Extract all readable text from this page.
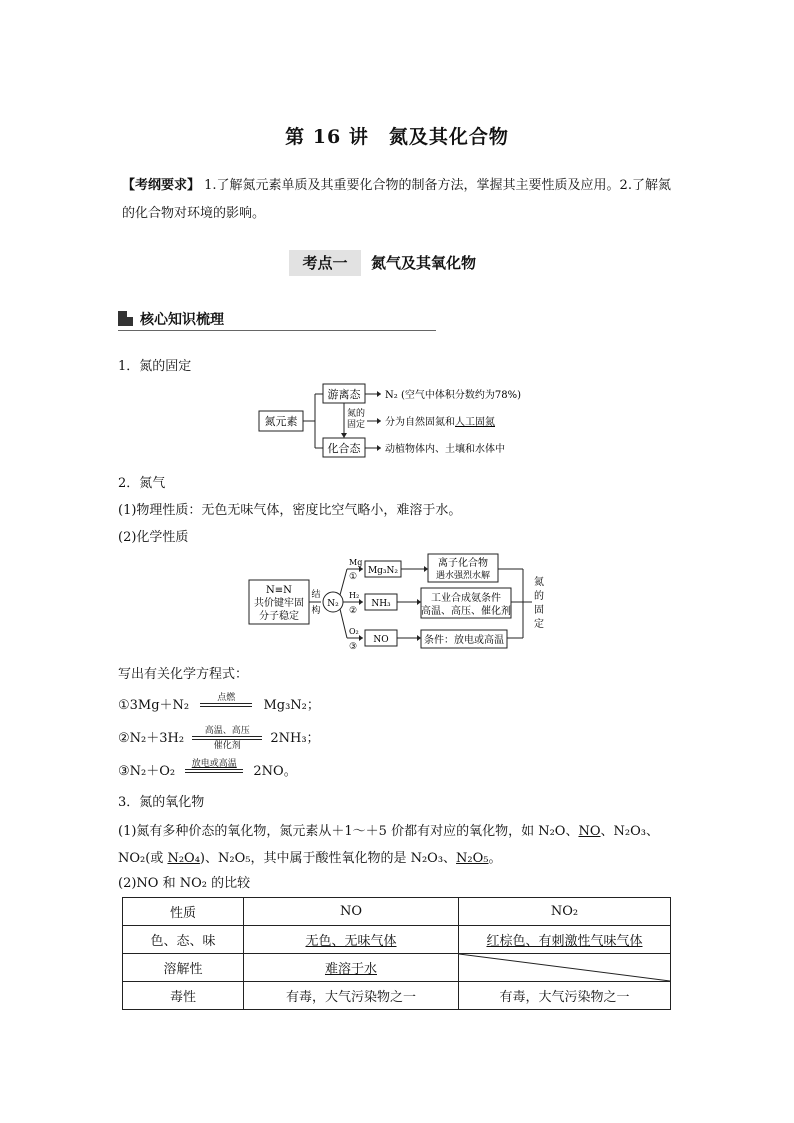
第 16 讲　氮及其化合物
【考纲要求】 1.了解氮元素单质及其重要化合物的制备方法，掌握其主要性质及应用。2.了解氮的化合物对环境的影响。
考点一	氮气及其氧化物
核心知识梳理
1．氮的固定
氮元素
游离态
化合态
氮的
固定
N₂ (空气中体积分数约为78%)
分为自然固氮和人工固氮
动植物体内、土壤和水体中
2．氮气
(1)物理性质：无色无味气体，密度比空气略小，难溶于水。
(2)化学性质
N≡N
共价键牢固
分子稳定
结
构
N₂
Mg
①
H₂
②
O₂
③
Mg₃N₂
NH₃
NO
离子化合物
遇水强烈水解
工业合成氨条件
高温、高压、催化剂
条件：放电或高温
氮
的
固
定
写出有关化学方程式：
①3Mg＋N₂
点燃
Mg₃N₂；
②N₂＋3H₂
高温、高压
催化剂	2NH₃；
③N₂＋O₂
放电或高温
2NO。
3．氮的氧化物
(1)氮有多种价态的氧化物，氮元素从＋1～＋5 价都有对应的氧化物，如 N₂O、NO、N₂O₃、
NO₂(或 N₂O₄)、N₂O₅，其中属于酸性氧化物的是 N₂O₃、N₂O₅。
(2)NO 和 NO₂ 的比较
性质	NO	NO₂
色、态、味	无色、无味气体	红棕色、有刺激性气味气体
溶解性	难溶于水	

毒性	有毒，大气污染物之一	有毒，大气污染物之一
